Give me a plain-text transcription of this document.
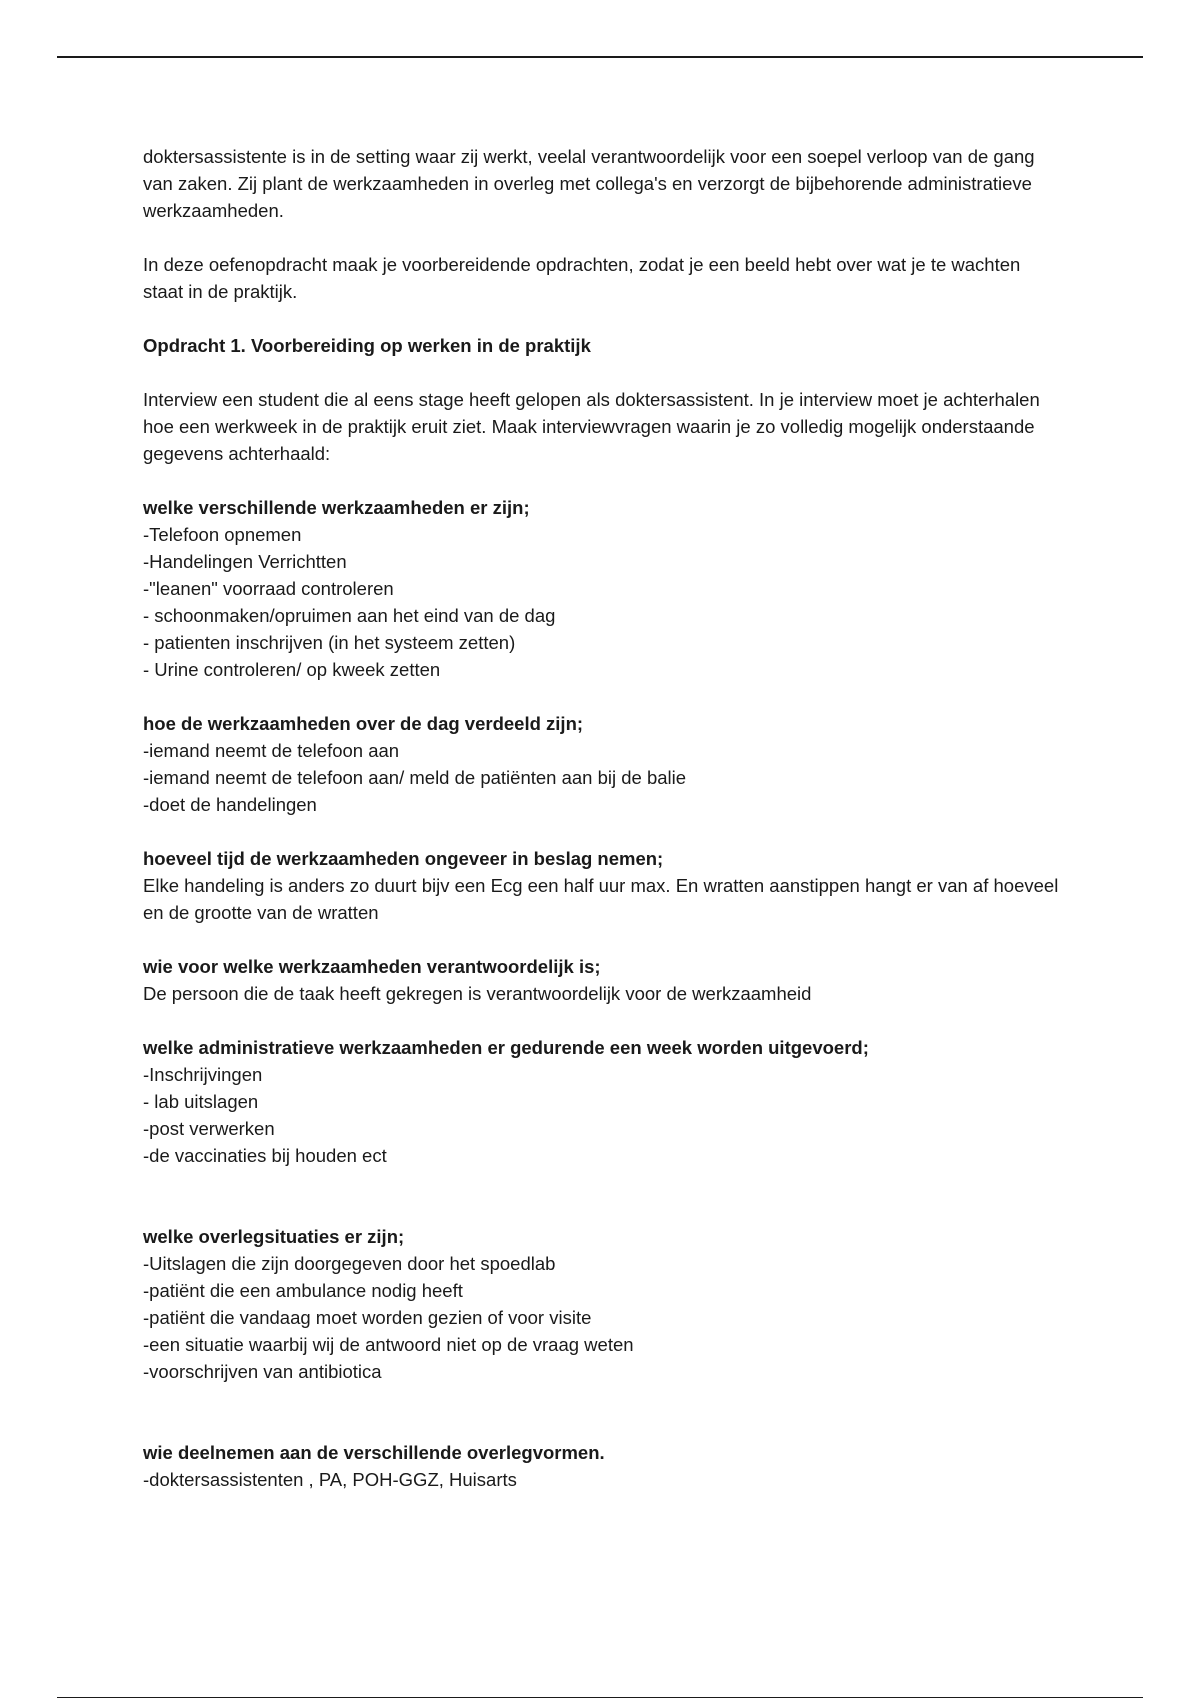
doktersassistente is in de setting waar zij werkt, veelal verantwoordelijk voor een soepel verloop van de gang van zaken. Zij plant de werkzaamheden in overleg met collega's en verzorgt de bijbehorende administratieve werkzaamheden.

In deze oefenopdracht maak je voorbereidende opdrachten, zodat je een beeld hebt over wat je te wachten staat in de praktijk.

Opdracht 1. Voorbereiding op werken in de praktijk

Interview een student die al eens stage heeft gelopen als doktersassistent. In je interview moet je achterhalen hoe een werkweek in de praktijk eruit ziet. Maak interviewvragen waarin je zo volledig mogelijk onderstaande gegevens achterhaald:

welke verschillende werkzaamheden er zijn;

-Telefoon opnemen
-Handelingen Verrichtten
-"leanen" voorraad controleren
- schoonmaken/opruimen aan het eind van de dag
- patienten inschrijven (in het systeem zetten)
- Urine controleren/ op kweek zetten

hoe de werkzaamheden over de dag verdeeld zijn;

-iemand neemt de telefoon aan
-iemand neemt de telefoon aan/ meld de patiënten aan bij de balie
-doet de handelingen

hoeveel tijd de werkzaamheden ongeveer in beslag nemen;

Elke handeling is anders zo duurt bijv een Ecg een half uur max. En wratten aanstippen hangt er van af hoeveel en de grootte van de wratten

wie voor welke werkzaamheden verantwoordelijk is;

De persoon die de taak heeft gekregen is verantwoordelijk voor de werkzaamheid

welke administratieve werkzaamheden er gedurende een week worden uitgevoerd;

-Inschrijvingen
- lab uitslagen
-post verwerken
-de vaccinaties bij houden ect

welke overlegsituaties er zijn;

-Uitslagen die zijn doorgegeven door het spoedlab
-patiënt die een ambulance nodig heeft
-patiënt die vandaag moet worden gezien of voor visite
-een situatie waarbij wij de antwoord niet op de vraag weten
-voorschrijven van antibiotica

wie deelnemen aan de verschillende overlegvormen.

-doktersassistenten , PA, POH-GGZ, Huisarts
